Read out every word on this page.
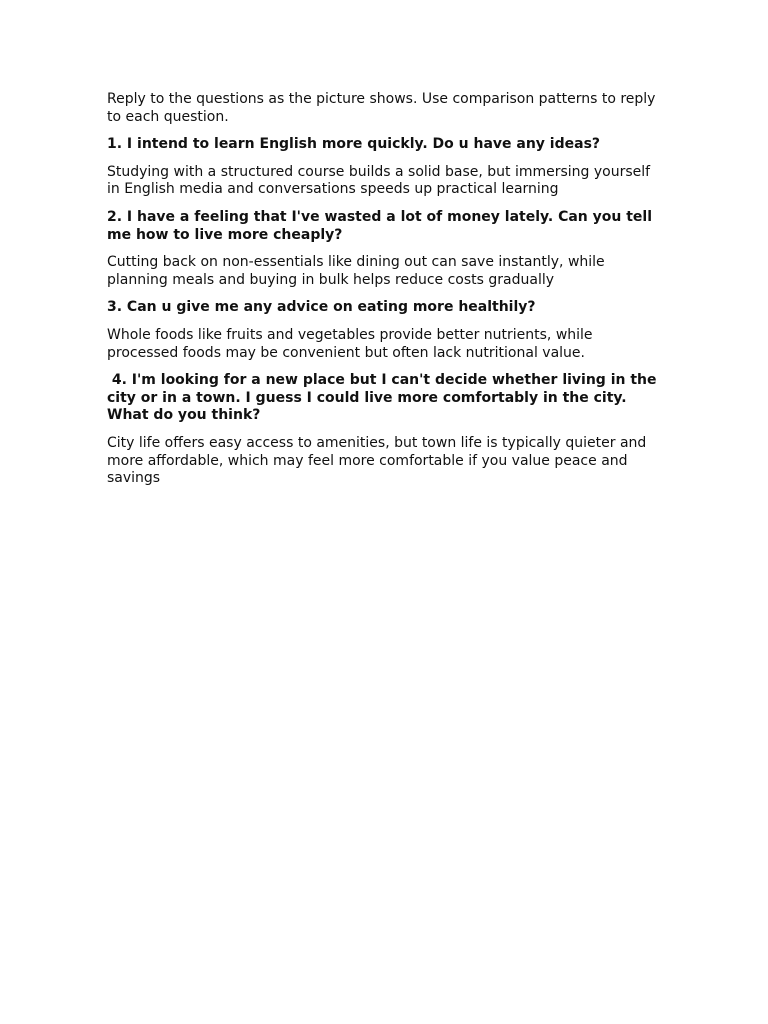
Reply to the questions as the picture shows. Use comparison patterns to reply to each question.

1. I intend to learn English more quickly. Do u have any ideas?

Studying with a structured course builds a solid base, but immersing yourself in English media and conversations speeds up practical learning

2. I have a feeling that I've wasted a lot of money lately. Can you tell me how to live more cheaply?

Cutting back on non-essentials like dining out can save instantly, while planning meals and buying in bulk helps reduce costs gradually

3. Can u give me any advice on eating more healthily?

Whole foods like fruits and vegetables provide better nutrients, while processed foods may be convenient but often lack nutritional value.

4. I'm looking for a new place but I can't decide whether living in the city or in a town. I guess I could live more comfortably in the city. What do you think?

City life offers easy access to amenities, but town life is typically quieter and more affordable, which may feel more comfortable if you value peace and savings
